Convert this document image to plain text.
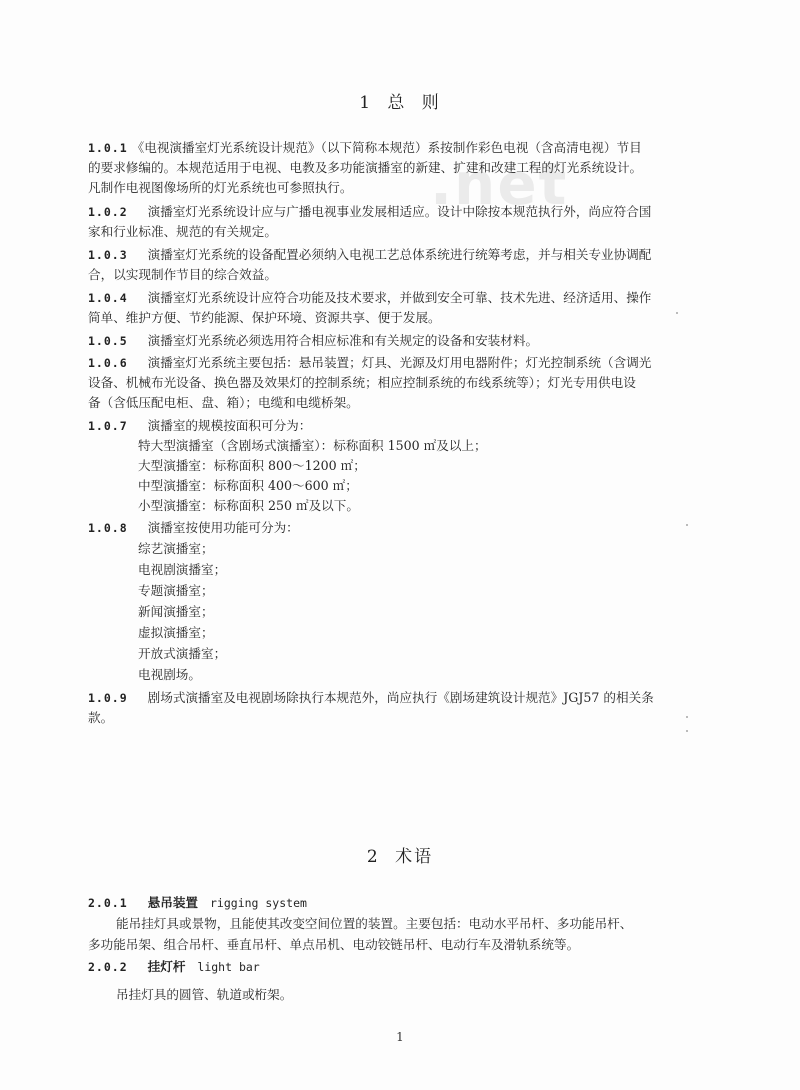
.net
1 总 则
1.0.1 《电视演播室灯光系统设计规范》（以下简称本规范）系按制作彩色电视（含高清电视）节目
的要求修编的。本规范适用于电视、电教及多功能演播室的新建、扩建和改建工程的灯光系统设计。
凡制作电视图像场所的灯光系统也可参照执行。
1.0.2 演播室灯光系统设计应与广播电视事业发展相适应。设计中除按本规范执行外，尚应符合国
家和行业标准、规范的有关规定。
1.0.3 演播室灯光系统的设备配置必须纳入电视工艺总体系统进行统筹考虑，并与相关专业协调配
合，以实现制作节目的综合效益。
1.0.4 演播室灯光系统设计应符合功能及技术要求，并做到安全可靠、技术先进、经济适用、操作
简单、维护方便、节约能源、保护环境、资源共享、便于发展。
1.0.5 演播室灯光系统必须选用符合相应标准和有关规定的设备和安装材料。
1.0.6 演播室灯光系统主要包括：悬吊装置；灯具、光源及灯用电器附件；灯光控制系统（含调光
设备、机械布光设备、换色器及效果灯的控制系统；相应控制系统的布线系统等）；灯光专用供电设
备（含低压配电柜、盘、箱）；电缆和电缆桥架。
1.0.7 演播室的规模按面积可分为：
特大型演播室（含剧场式演播室）：标称面积 1500 ㎡及以上；
大型演播室：标称面积 800～1200 ㎡；
中型演播室：标称面积 400～600 ㎡；
小型演播室：标称面积 250 ㎡及以下。
1.0.8 演播室按使用功能可分为：
综艺演播室；
电视剧演播室；
专题演播室；
新闻演播室；
虚拟演播室；
开放式演播室；
电视剧场。
1.0.9 剧场式演播室及电视剧场除执行本规范外，尚应执行《剧场建筑设计规范》JGJ57 的相关条
款。
2 术语
2.0.1 悬吊装置 rigging system
能吊挂灯具或景物，且能使其改变空间位置的装置。主要包括：电动水平吊杆、多功能吊杆、
多功能吊架、组合吊杆、垂直吊杆、单点吊机、电动铰链吊杆、电动行车及滑轨系统等。
2.0.2 挂灯杆 light bar
吊挂灯具的圆管、轨道或桁架。
1
